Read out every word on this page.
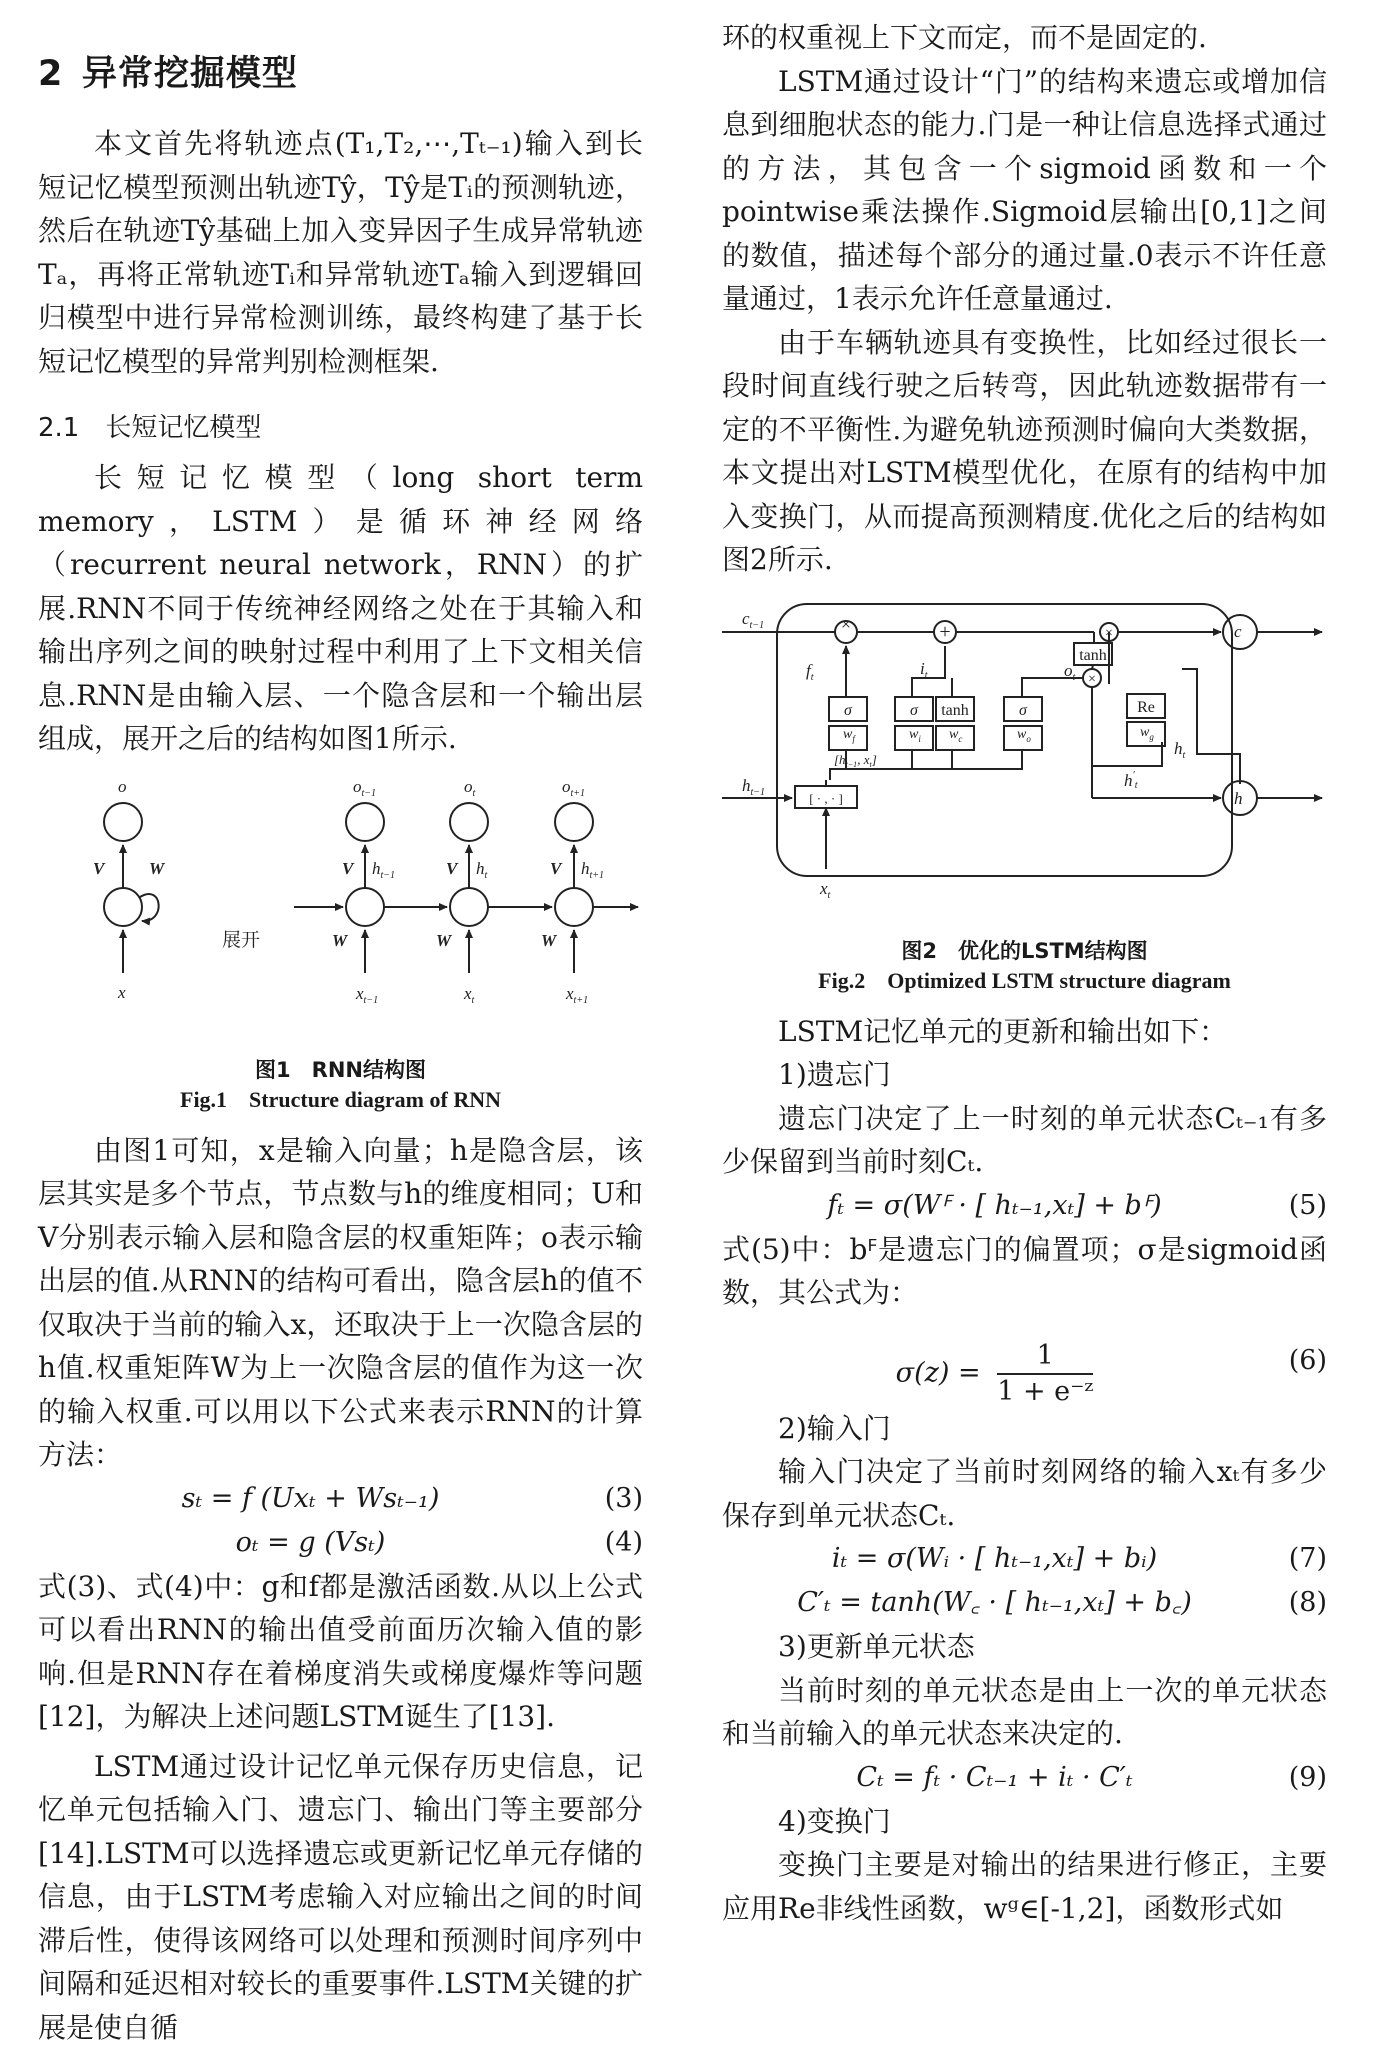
2 异常挖掘模型

本文首先将轨迹点(T₁,T₂,⋯,Tₜ₋₁)输入到长短记忆模型预测出轨迹Tŷ，Tŷ是Tᵢ的预测轨迹，然后在轨迹Tŷ基础上加入变异因子生成异常轨迹Tₐ，再将正常轨迹Tᵢ和异常轨迹Tₐ输入到逻辑回归模型中进行异常检测训练，最终构建了基于长短记忆模型的异常判别检测框架.

2.1 长短记忆模型

长短记忆模型（long short term memory，LSTM）是循环神经网络（recurrent neural network，RNN）的扩展.RNN不同于传统神经网络之处在于其输入和输出序列之间的映射过程中利用了上下文相关信息.RNN是由输入层、一个隐含层和一个输出层组成，展开之后的结构如图1所示.

o
V	W
x
$o_{t-1}$	$o_t$	$o_{t+1}$
V	V	V
$h_{t-1}$	$h_t$	$h_{t+1}$
W	W	W
$x_{t-1}$	$x_t$	$x_{t+1}$
展开
图1 RNN结构图
Fig.1 Structure diagram of RNN

由图1可知，x是输入向量；h是隐含层，该层其实是多个节点，节点数与h的维度相同；U和V分别表示输入层和隐含层的权重矩阵；o表示输出层的值.从RNN的结构可看出，隐含层h的值不仅取决于当前的输入x，还取决于上一次隐含层的h值.权重矩阵W为上一次隐含层的值作为这一次的输入权重.可以用以下公式来表示RNN的计算方法：

sₜ = f (Uxₜ + Wsₜ₋₁)	(3)
oₜ = g (Vsₜ)	(4)

式(3)、式(4)中：g和f都是激活函数.从以上公式可以看出RNN的输出值受前面历次输入值的影响.但是RNN存在着梯度消失或梯度爆炸等问题[12]，为解决上述问题LSTM诞生了[13].

LSTM通过设计记忆单元保存历史信息，记忆单元包括输入门、遗忘门、输出门等主要部分[14].LSTM可以选择遗忘或更新记忆单元存储的信息，由于LSTM考虑输入对应输出之间的时间滞后性，使得该网络可以处理和预测时间序列中间隔和延迟相对较长的重要事件.LSTM关键的扩展是使自循

环的权重视上下文而定，而不是固定的.

LSTM通过设计“门”的结构来遗忘或增加信息到细胞状态的能力.门是一种让信息选择式通过的方法，其包含一个sigmoid函数和一个pointwise乘法操作.Sigmoid层输出[0,1]之间的数值，描述每个部分的通过量.0表示不许任意量通过，1表示允许任意量通过.

由于车辆轨迹具有变换性，比如经过很长一段时间直线行驶之后转弯，因此轨迹数据带有一定的不平衡性.为避免轨迹预测时偏向大类数据，本文提出对LSTM模型优化，在原有的结构中加入变换门，从而提高预测精度.优化之后的结构如图2所示.

$c_{t-1}$
$h_{t-1}$
$x_t$
$f_t$	$i_t$	$o_t$
c
h
$h_t$
$h'_t$
$w_f$	$w_i$ $w_c$	$w_o$	$w_g$
[$h_{t-1}$, $x_t$]
×	+	×
×
tanh
σ	σ tanh	σ	Re
[ · , · ]
图2 优化的LSTM结构图
Fig.2 Optimized LSTM structure diagram

LSTM记忆单元的更新和输出如下：

1)遗忘门

遗忘门决定了上一时刻的单元状态Cₜ₋₁有多少保留到当前时刻Cₜ.

fₜ = σ(Wꟳ · [ hₜ₋₁,xₜ] + bꟳ)	(5)

式(5)中：bꟳ是遗忘门的偏置项；σ是sigmoid函数，其公式为：

$\sigma(z) = \frac{1}{\text{1 + e⁻ᶻ}}$	(6)

2)输入门

输入门决定了当前时刻网络的输入xₜ有多少保存到单元状态Cₜ.

iₜ = σ(Wᵢ · [ hₜ₋₁,xₜ] + bᵢ)	(7)
C′ₜ = tanh(W꜀ · [ hₜ₋₁,xₜ] + b꜀)	(8)

3)更新单元状态

当前时刻的单元状态是由上一次的单元状态和当前输入的单元状态来决定的.

Cₜ = fₜ · Cₜ₋₁ + iₜ · C′ₜ	(9)

4)变换门

变换门主要是对输出的结果进行修正，主要应用Re非线性函数，wᵍ∈[-1,2]，函数形式如
